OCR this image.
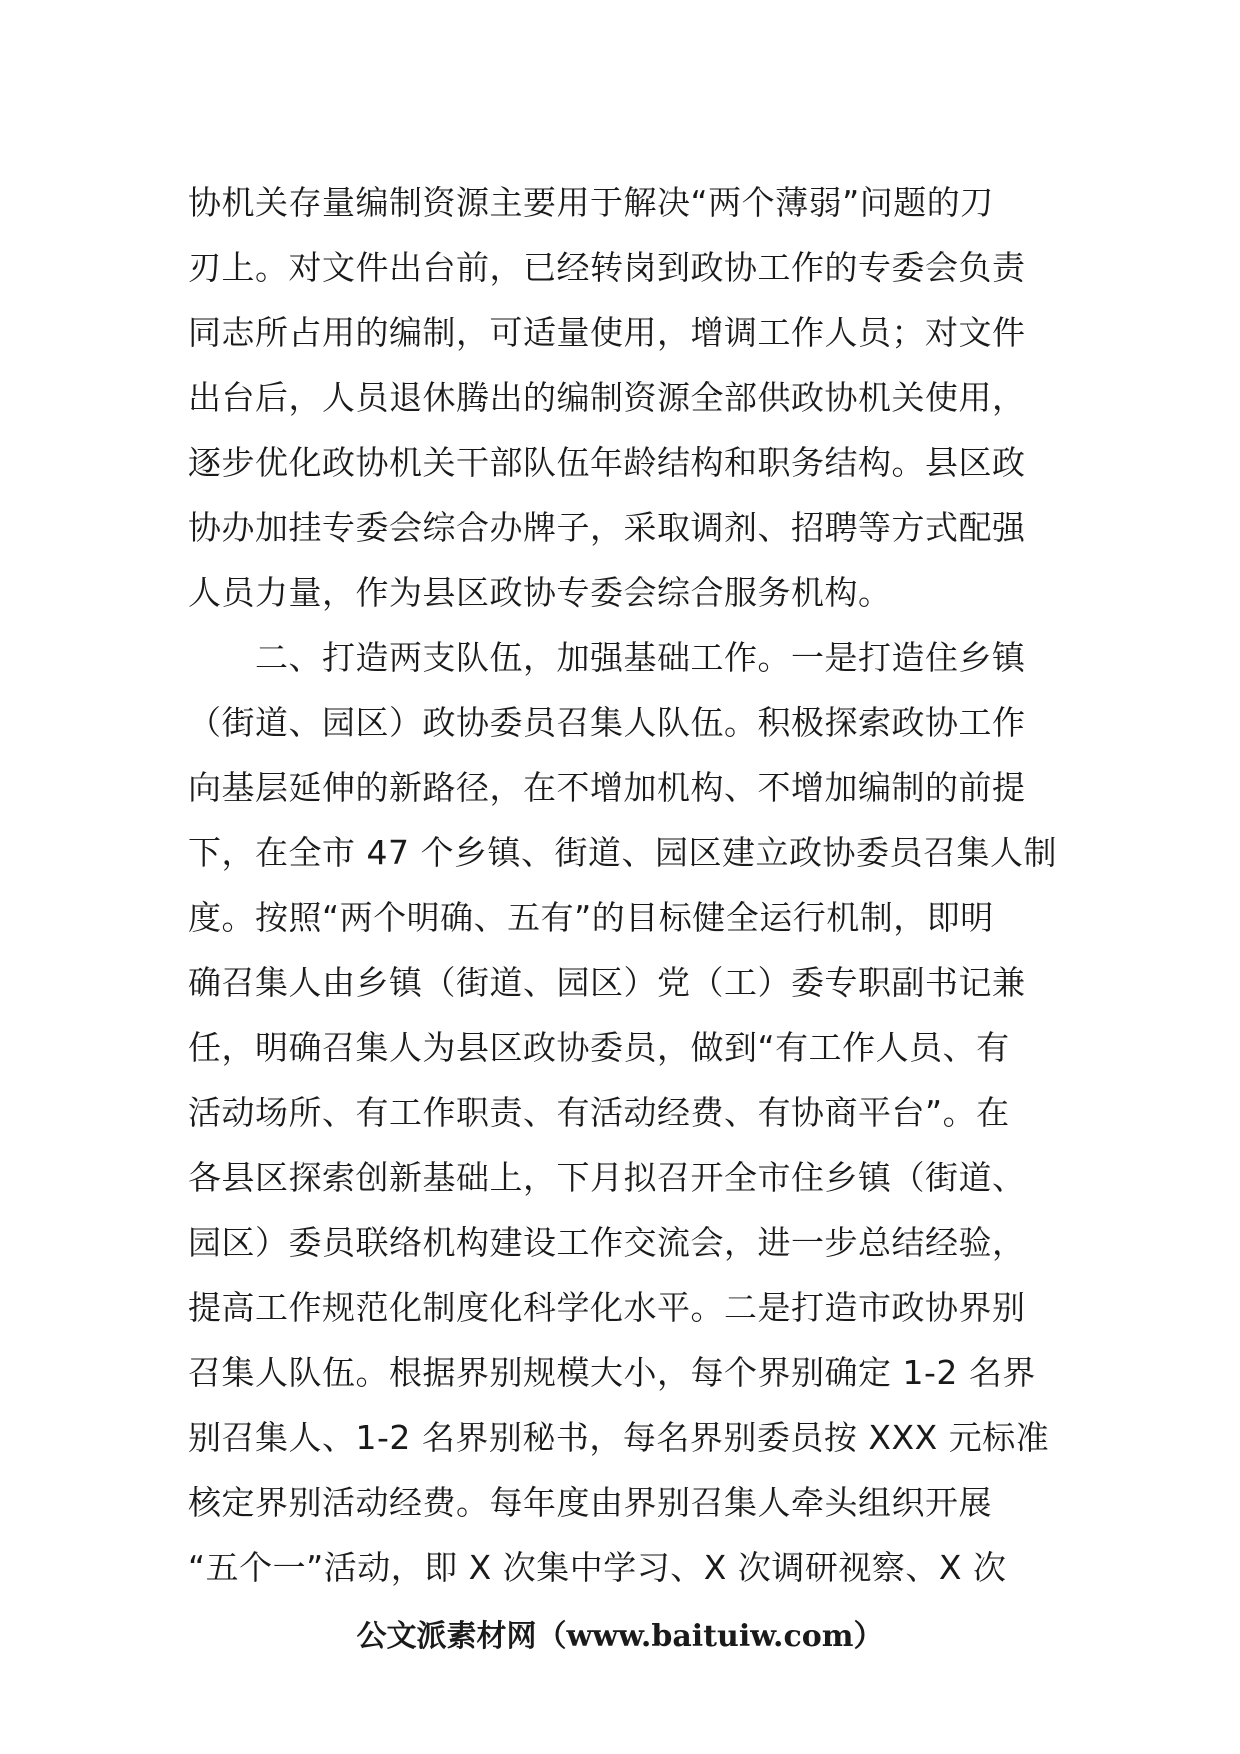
协机关存量编制资源主要用于解决“两个薄弱”问题的刀
刃上。对文件出台前，已经转岗到政协工作的专委会负责
同志所占用的编制，可适量使用，增调工作人员；对文件
出台后，人员退休腾出的编制资源全部供政协机关使用，
逐步优化政协机关干部队伍年龄结构和职务结构。县区政
协办加挂专委会综合办牌子，采取调剂、招聘等方式配强
人员力量，作为县区政协专委会综合服务机构。
　　二、打造两支队伍，加强基础工作。一是打造住乡镇
（街道、园区）政协委员召集人队伍。积极探索政协工作
向基层延伸的新路径，在不增加机构、不增加编制的前提
下，在全市 47 个乡镇、街道、园区建立政协委员召集人制
度。按照“两个明确、五有”的目标健全运行机制，即明
确召集人由乡镇（街道、园区）党（工）委专职副书记兼
任，明确召集人为县区政协委员，做到“有工作人员、有
活动场所、有工作职责、有活动经费、有协商平台”。在
各县区探索创新基础上，下月拟召开全市住乡镇（街道、
园区）委员联络机构建设工作交流会，进一步总结经验，
提高工作规范化制度化科学化水平。二是打造市政协界别
召集人队伍。根据界别规模大小，每个界别确定 1-2 名界
别召集人、1-2 名界别秘书，每名界别委员按 XXX 元标准
核定界别活动经费。每年度由界别召集人牵头组织开展
“五个一”活动，即 X 次集中学习、X 次调研视察、X 次
公文派素材网（www.baituiw.com）
